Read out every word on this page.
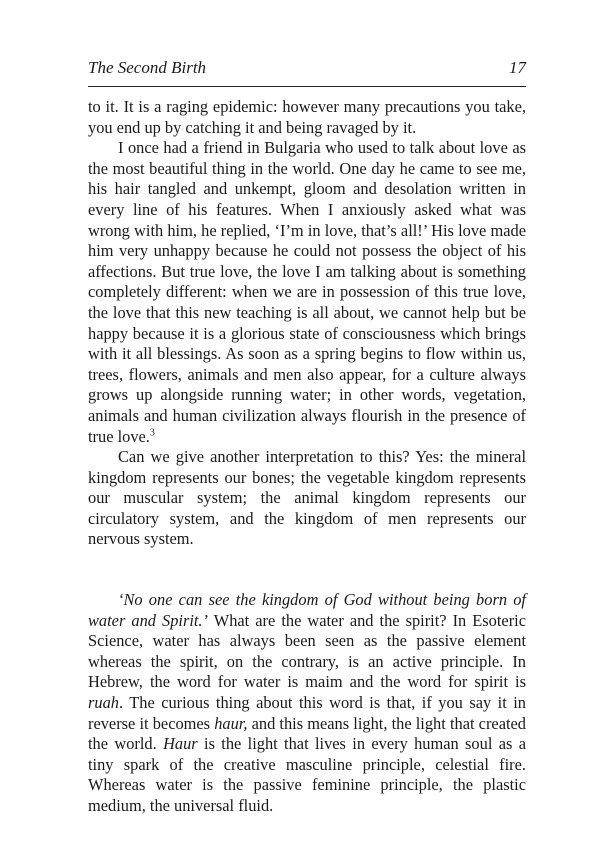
The Second Birth	17

to it. It is a raging epidemic: however many precautions you take, you end up by catching it and being ravaged by it.

I once had a friend in Bulgaria who used to talk about love as the most beautiful thing in the world. One day he came to see me, his hair tangled and unkempt, gloom and desolation written in every line of his features. When I anxiously asked what was wrong with him, he replied, ‘I’m in love, that’s all!’ His love made him very unhappy because he could not possess the object of his affections. But true love, the love I am talking about is something completely different: when we are in possession of this true love, the love that this new teaching is all about, we cannot help but be happy because it is a glorious state of consciousness which brings with it all blessings. As soon as a spring begins to flow within us, trees, flowers, animals and men also appear, for a culture always grows up alongside running water; in other words, vegetation, animals and human civilization always flourish in the presence of true love.$^3$

Can we give another interpretation to this? Yes: the mineral kingdom represents our bones; the vegetable kingdom represents our muscular system; the animal kingdom represents our circulatory system, and the kingdom of men represents our nervous system.

‘No one can see the kingdom of God without being born of water and Spirit.’ What are the water and the spirit? In Esoteric Science, water has always been seen as the passive element whereas the spirit, on the contrary, is an active principle. In Hebrew, the word for water is maim and the word for spirit is ruah. The curious thing about this word is that, if you say it in reverse it becomes haur, and this means light, the light that created the world. Haur is the light that lives in every human soul as a tiny spark of the creative masculine principle, celestial fire. Whereas water is the passive feminine principle, the plastic medium, the universal fluid.
